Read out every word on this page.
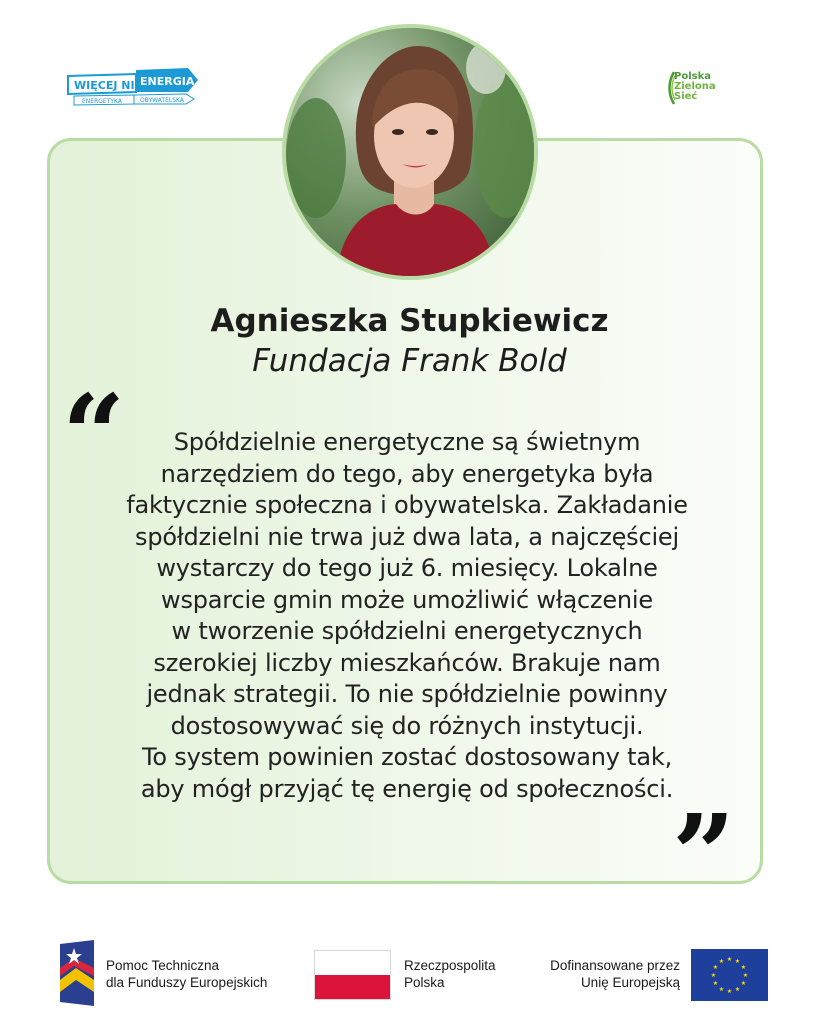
WIĘCEJ NIŻ
ENERGIA
ENERGETYKA	OBYWATELSKA
Polska
Zielona
Sieć
Agnieszka Stupkiewicz
Fundacja Frank Bold
“
”
Spółdzielnie energetyczne są świetnym
narzędziem do tego, aby energetyka była
faktycznie społeczna i obywatelska. Zakładanie
spółdzielni nie trwa już dwa lata, a najczęściej
wystarczy do tego już 6. miesięcy. Lokalne
wsparcie gmin może umożliwić włączenie
w tworzenie spółdzielni energetycznych
szerokiej liczby mieszkańców. Brakuje nam
jednak strategii. To nie spółdzielnie powinny
dostosowywać się do różnych instytucji.
To system powinien zostać dostosowany tak,
aby mógł przyjąć tę energię od społeczności.
Pomoc Techniczna
dla Funduszy Europejskich
Rzeczpospolita
Polska
Dofinansowane przez
Unię Europejską
★ ★
★
★
★
★
★
★
★
★
★
★
